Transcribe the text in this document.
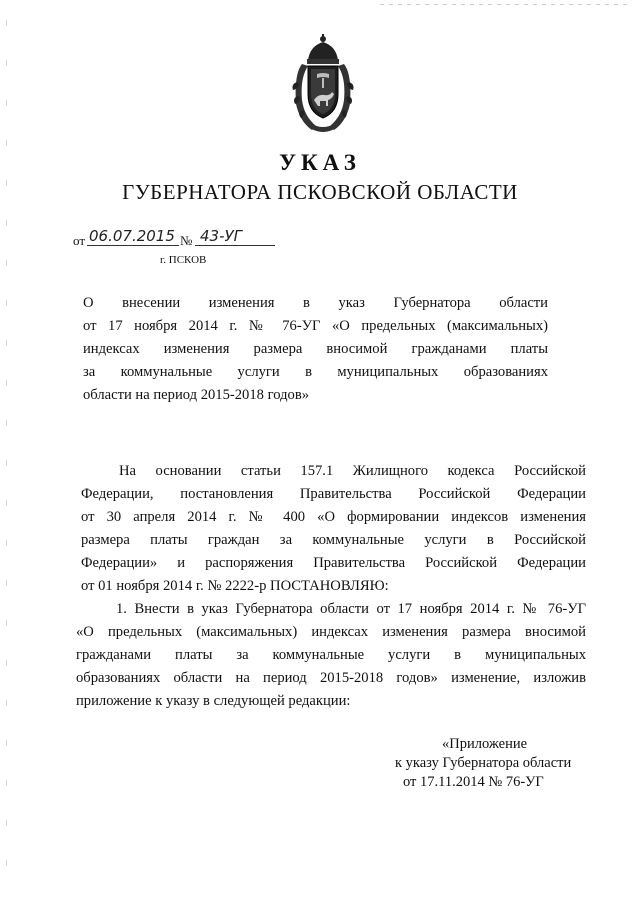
УКАЗ
ГУБЕРНАТОРА ПСКОВСКОЙ ОБЛАСТИ
от 06.07.2015 № 43-УГ
г. ПСКОВ
О внесении изменения в указ Губернатора области
от 17 ноября 2014 г. № 76-УГ «О предельных (максимальных)
индексах изменения размера вносимой гражданами платы
за коммунальные услуги в муниципальных образованиях
области на период 2015-2018 годов»
На основании статьи 157.1 Жилищного кодекса Российской
Федерации, постановления Правительства Российской Федерации
от 30 апреля 2014 г. № 400 «О формировании индексов изменения
размера платы граждан за коммунальные услуги в Российской
Федерации» и распоряжения Правительства Российской Федерации
от 01 ноября 2014 г. № 2222-р ПОСТАНОВЛЯЮ:
1. Внести в указ Губернатора области от 17 ноября 2014 г. № 76-УГ
«О предельных (максимальных) индексах изменения размера вносимой
гражданами платы за коммунальные услуги в муниципальных
образованиях области на период 2015-2018 годов» изменение, изложив
приложение к указу в следующей редакции:
«Приложение
к указу Губернатора области
от 17.11.2014 № 76-УГ
